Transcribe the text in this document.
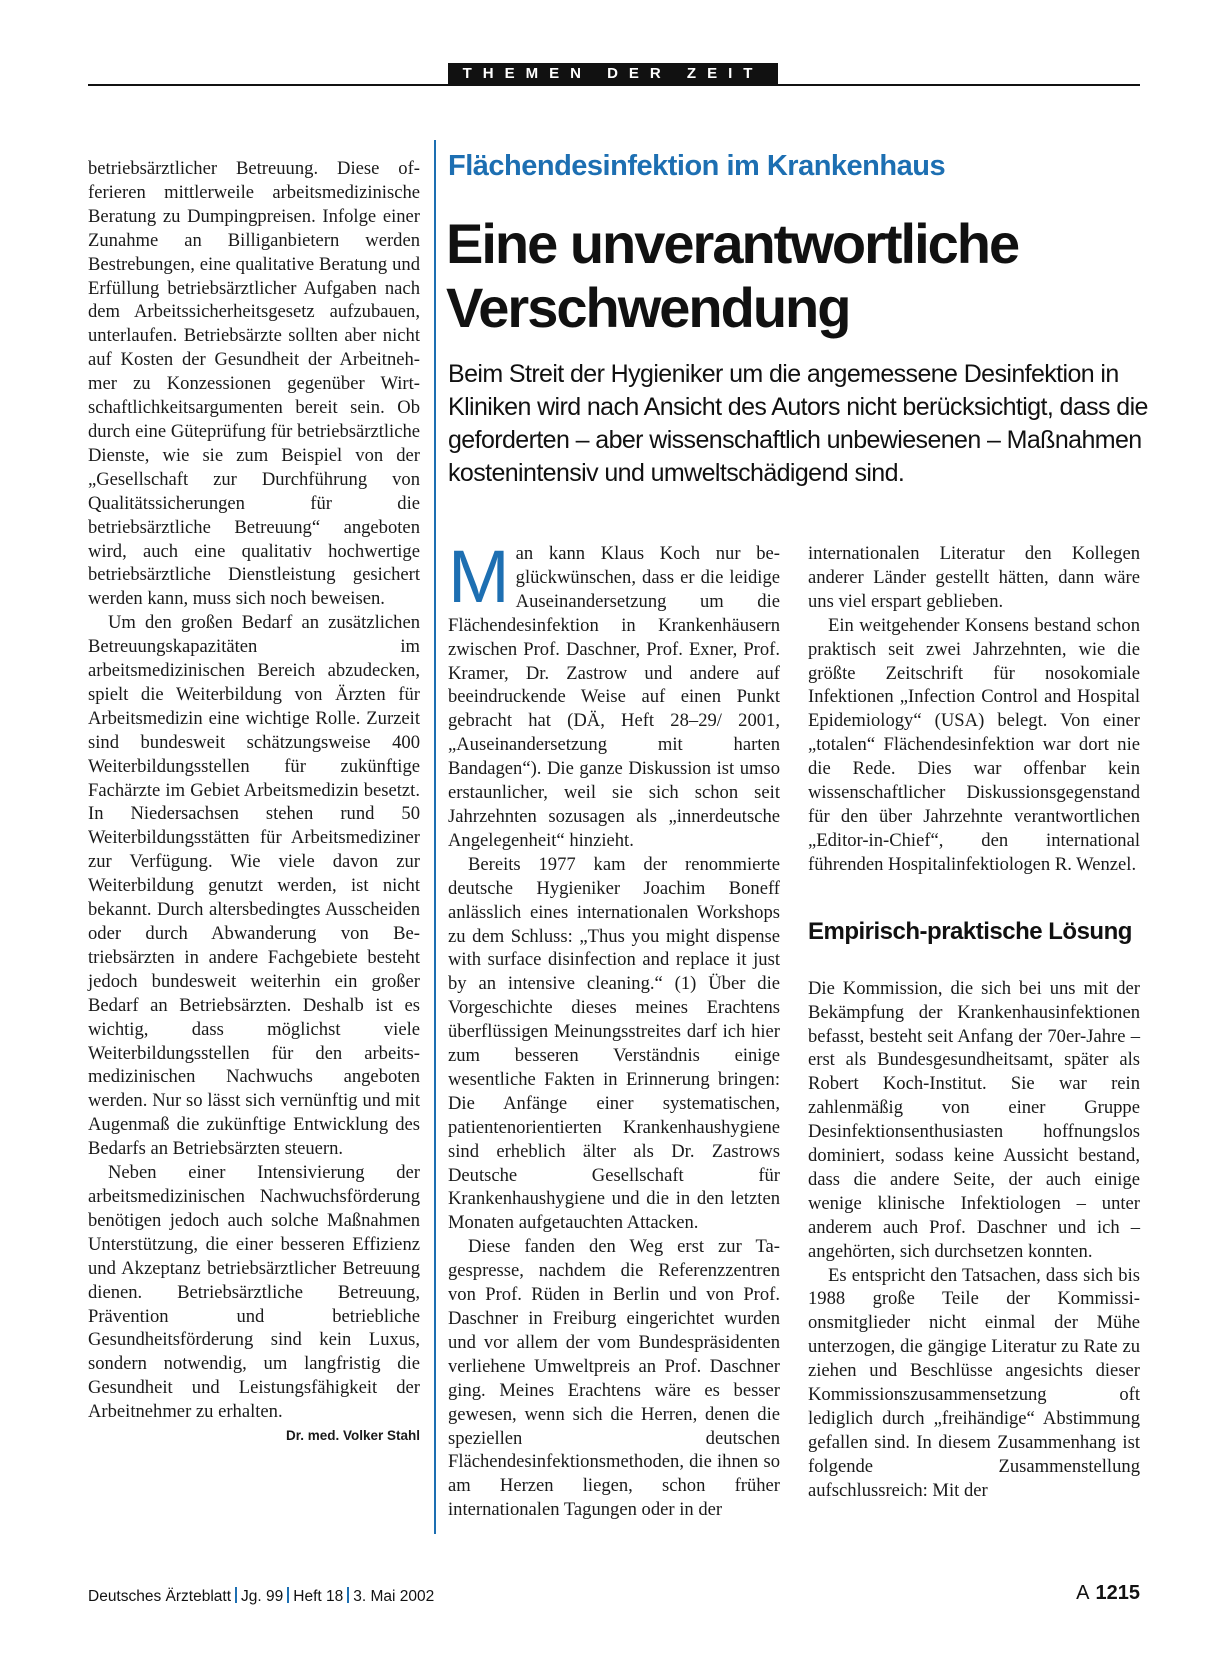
THEMEN DER ZEIT

betriebsärztlicher Betreuung. Diese offerieren mittlerweile arbeitsmedizinische Beratung zu Dumpingpreisen. Infolge einer Zunahme an Billiganbietern werden Bestrebungen, eine qualitative Beratung und Erfüllung betriebsärztlicher Aufgaben nach dem Arbeitssicherheitsgesetz aufzubauen, unterlaufen. Betriebsärzte sollten aber nicht auf Kosten der Gesundheit der Arbeitnehmer zu Konzessionen gegenüber Wirtschaftlichkeitsargumenten bereit sein. Ob durch eine Güteprüfung für betriebsärztliche Dienste, wie sie zum Beispiel von der „Gesellschaft zur Durchführung von Qualitätssicherungen für die betriebsärztliche Betreuung“ angeboten wird, auch eine qualitativ hochwertige betriebsärztliche Dienstleistung gesichert werden kann, muss sich noch beweisen.

Um den großen Bedarf an zusätzlichen Betreuungskapazitäten im arbeitsmedizinischen Bereich abzudecken, spielt die Weiterbildung von Ärzten für Arbeitsmedizin eine wichtige Rolle. Zurzeit sind bundesweit schätzungsweise 400 Weiterbildungsstellen für zukünftige Fachärzte im Gebiet Arbeitsmedizin besetzt. In Niedersachsen stehen rund 50 Weiterbildungsstätten für Arbeitsmediziner zur Verfügung. Wie viele davon zur Weiterbildung genutzt werden, ist nicht bekannt. Durch altersbedingtes Ausscheiden oder durch Abwanderung von Betriebsärzten in andere Fachgebiete besteht jedoch bundesweit weiterhin ein großer Bedarf an Betriebsärzten. Deshalb ist es wichtig, dass möglichst viele Weiterbildungsstellen für den arbeitsmedizinischen Nachwuchs angeboten werden. Nur so lässt sich vernünftig und mit Augenmaß die zukünftige Entwicklung des Bedarfs an Betriebsärzten steuern.

Neben einer Intensivierung der arbeitsmedizinischen Nachwuchsförderung benötigen jedoch auch solche Maßnahmen Unterstützung, die einer besseren Effizienz und Akzeptanz betriebsärztlicher Betreuung dienen. Betriebsärztliche Betreuung, Prävention und betriebliche Gesundheitsförderung sind kein Luxus, sondern notwendig, um langfristig die Gesundheit und Leistungsfähigkeit der Arbeitnehmer zu erhalten.
Dr. med. Volker Stahl

Flächendesinfektion im Krankenhaus
Eine unverantwortliche
Verschwendung
Beim Streit der Hygieniker um die angemessene Desinfektion in Kliniken wird nach Ansicht des Autors nicht berücksichtigt, dass die geforderten – aber wissenschaftlich unbewiesenen – Maßnahmen kostenintensiv und umweltschädigend sind.

Man kann Klaus Koch nur beglückwünschen, dass er die leidige Auseinandersetzung um die Flächendesinfektion in Krankenhäusern zwischen Prof. Daschner, Prof. Exner, Prof. Kramer, Dr. Zastrow und andere auf beeindruckende Weise auf einen Punkt gebracht hat (DÄ, Heft 28–29/ 2001, „Auseinandersetzung mit harten Bandagen“). Die ganze Diskussion ist umso erstaunlicher, weil sie sich schon seit Jahrzehnten sozusagen als „innerdeutsche Angelegenheit“ hinzieht.

Bereits 1977 kam der renommierte deutsche Hygieniker Joachim Boneff anlässlich eines internationalen Workshops zu dem Schluss: „Thus you might dispense with surface disinfection and replace it just by an intensive cleaning.“ (1) Über die Vorgeschichte dieses meines Erachtens überflüssigen Meinungsstreites darf ich hier zum besseren Verständnis einige wesentliche Fakten in Erinnerung bringen: Die Anfänge einer systematischen, patientenorientierten Krankenhaushygiene sind erheblich älter als Dr. Zastrows Deutsche Gesellschaft für Krankenhaushygiene und die in den letzten Monaten aufgetauchten Attacken.

Diese fanden den Weg erst zur Tagespresse, nachdem die Referenzzentren von Prof. Rüden in Berlin und von Prof. Daschner in Freiburg eingerichtet wurden und vor allem der vom Bundespräsidenten verliehene Umweltpreis an Prof. Daschner ging. Meines Erachtens wäre es besser gewesen, wenn sich die Herren, denen die speziellen deutschen Flächendesinfektionsmethoden, die ihnen so am Herzen liegen, schon früher internationalen Tagungen oder in der

internationalen Literatur den Kollegen anderer Länder gestellt hätten, dann wäre uns viel erspart geblieben.

Ein weitgehender Konsens bestand schon praktisch seit zwei Jahrzehnten, wie die größte Zeitschrift für nosokomiale Infektionen „Infection Control and Hospital Epidemiology“ (USA) belegt. Von einer „totalen“ Flächendesinfektion war dort nie die Rede. Dies war offenbar kein wissenschaftlicher Diskussionsgegenstand für den über Jahrzehnte verantwortlichen „Editor-in-Chief“, den international führenden Hospitalinfektiologen R. Wenzel.

Empirisch-praktische Lösung

Die Kommission, die sich bei uns mit der Bekämpfung der Krankenhausinfektionen befasst, besteht seit Anfang der 70er-Jahre – erst als Bundesgesundheitsamt, später als Robert Koch-Institut. Sie war rein zahlenmäßig von einer Gruppe Desinfektionsenthusiasten hoffnungslos dominiert, sodass keine Aussicht bestand, dass die andere Seite, der auch einige wenige klinische Infektiologen – unter anderem auch Prof. Daschner und ich – angehörten, sich durchsetzen konnten.

Es entspricht den Tatsachen, dass sich bis 1988 große Teile der Kommissionsmitglieder nicht einmal der Mühe unterzogen, die gängige Literatur zu Rate zu ziehen und Beschlüsse angesichts dieser Kommissionszusammensetzung oft lediglich durch „freihändige“ Abstimmung gefallen sind. In diesem Zusammenhang ist folgende Zusammenstellung aufschlussreich: Mit der

Deutsches Ärzteblatt Jg. 99 Heft 18 3. Mai 2002	A 1215
